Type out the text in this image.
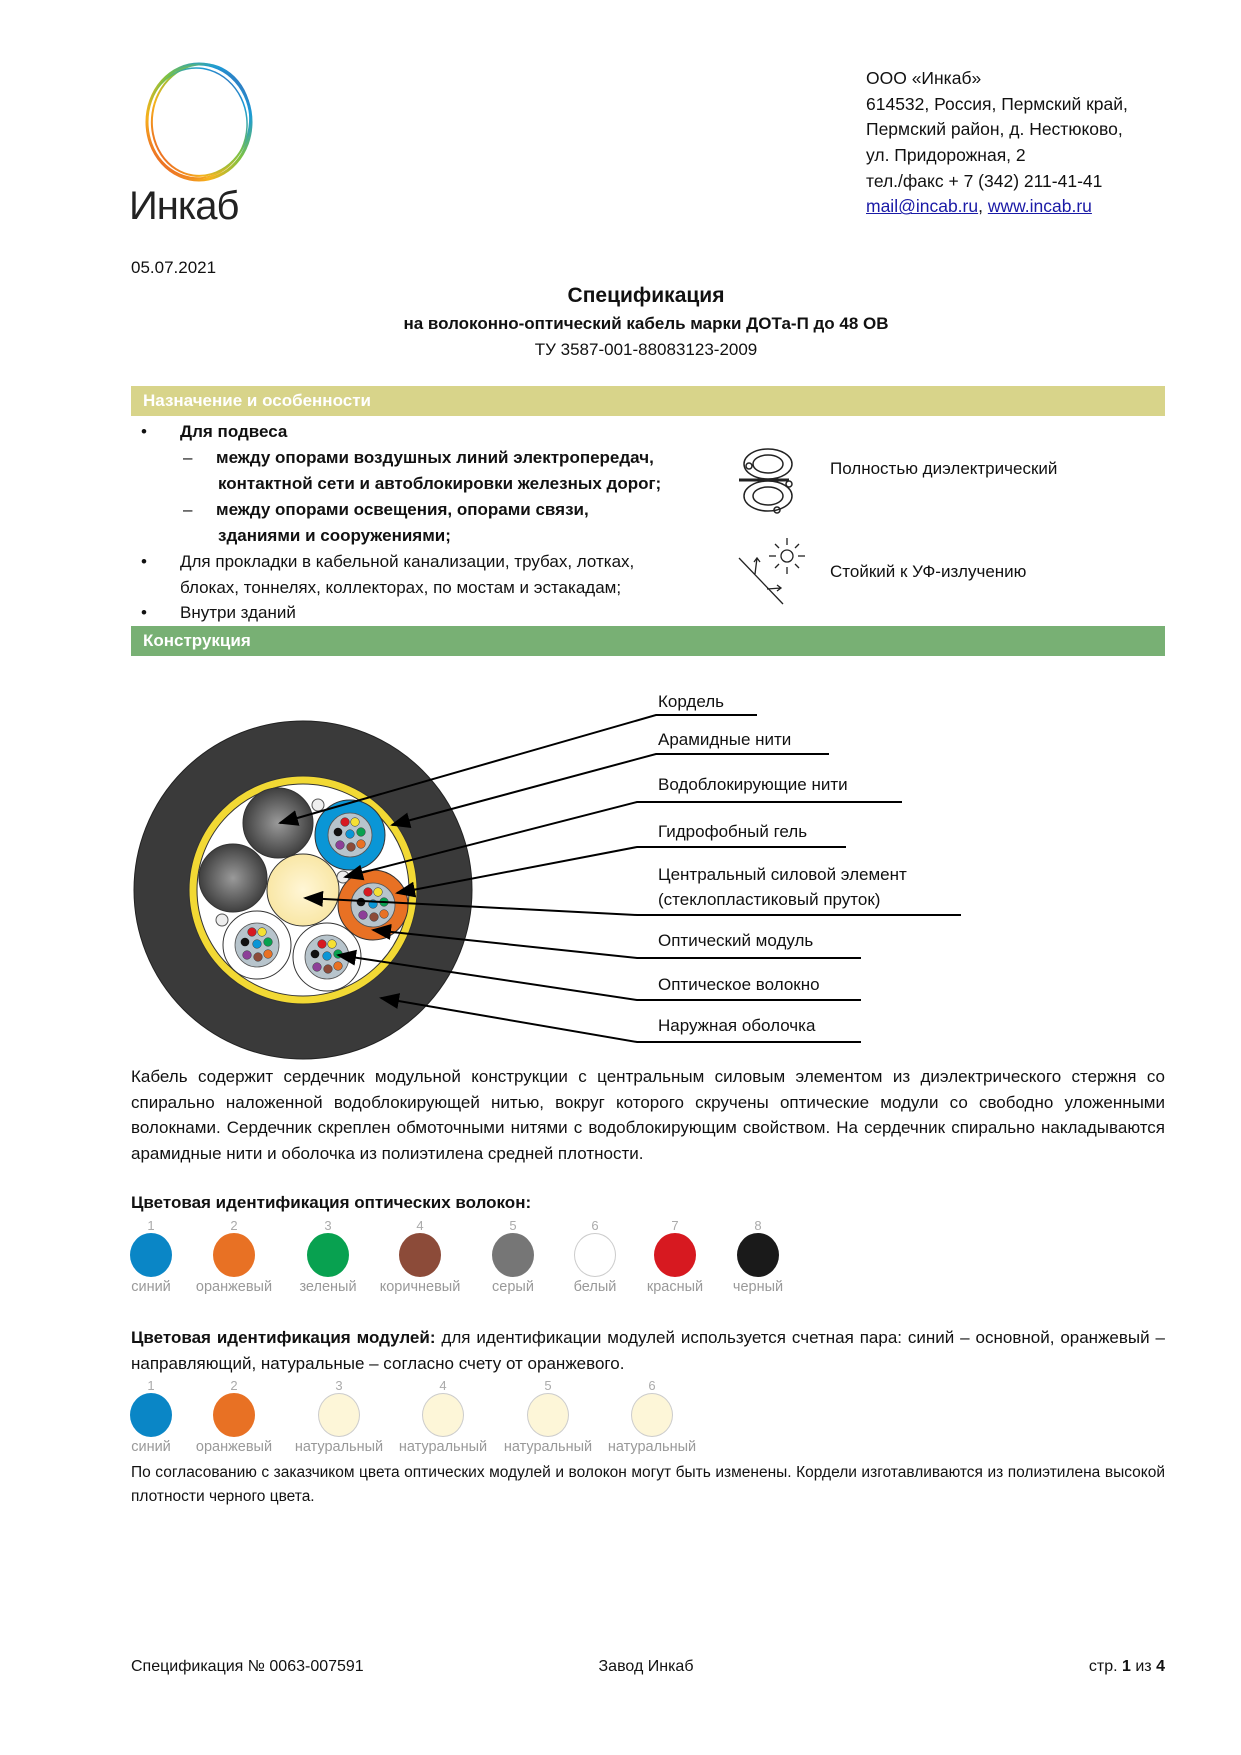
Инкаб
ООО «Инкаб»
614532, Россия, Пермский край,
Пермский район, д. Нестюково,
ул. Придорожная, 2
тел./факс + 7 (342) 211-41-41
mail@incab.ru, www.incab.ru
05.07.2021
Спецификация
на волоконно-оптический кабель марки ДОТа-П до 48 ОВ
ТУ 3587-001-88083123-2009
Назначение и особенности
• Для подвеса
– между опорами воздушных линий электропередач,
контактной сети и автоблокировки железных дорог;
– между опорами освещения, опорами связи,
зданиями и сооружениями;
• Для прокладки в кабельной канализации, трубах, лотках,
блоках, тоннелях, коллекторах, по мостам и эстакадам;
• Внутри зданий
Полностью диэлектрический
Стойкий к УФ-излучению
Конструкция
Кордель
Арамидные нити
Водоблокирующие нити
Гидрофобный гель
Центральный силовой элемент
(стеклопластиковый пруток)
Оптический модуль
Оптическое волокно
Наружная оболочка
Кабель содержит сердечник модульной конструкции с центральным силовым элементом из диэлектрического стержня со спирально наложенной водоблокирующей нитью, вокруг которого скручены оптические модули со свободно уложенными волокнами. Сердечник скреплен обмоточными нитями с водоблокирующим свойством. На сердечник спирально накладываются арамидные нити и оболочка из полиэтилена средней плотности.
Цветовая идентификация оптических волокон:
1
синий
2
оранжевый
3
зеленый
4
коричневый
5
серый
6
белый
7
красный
8
черный
Цветовая идентификация модулей: для идентификации модулей используется счетная пара: синий – основной, оранжевый – направляющий, натуральные – согласно счету от оранжевого.
1
синий
2
оранжевый
3
натуральный
4
натуральный
5
натуральный
6
натуральный
По согласованию с заказчиком цвета оптических модулей и волокон могут быть изменены. Кордели изготавливаются из полиэтилена высокой плотности черного цвета.
Спецификация № 0063-007591	Завод Инкаб	стр. 1 из 4
